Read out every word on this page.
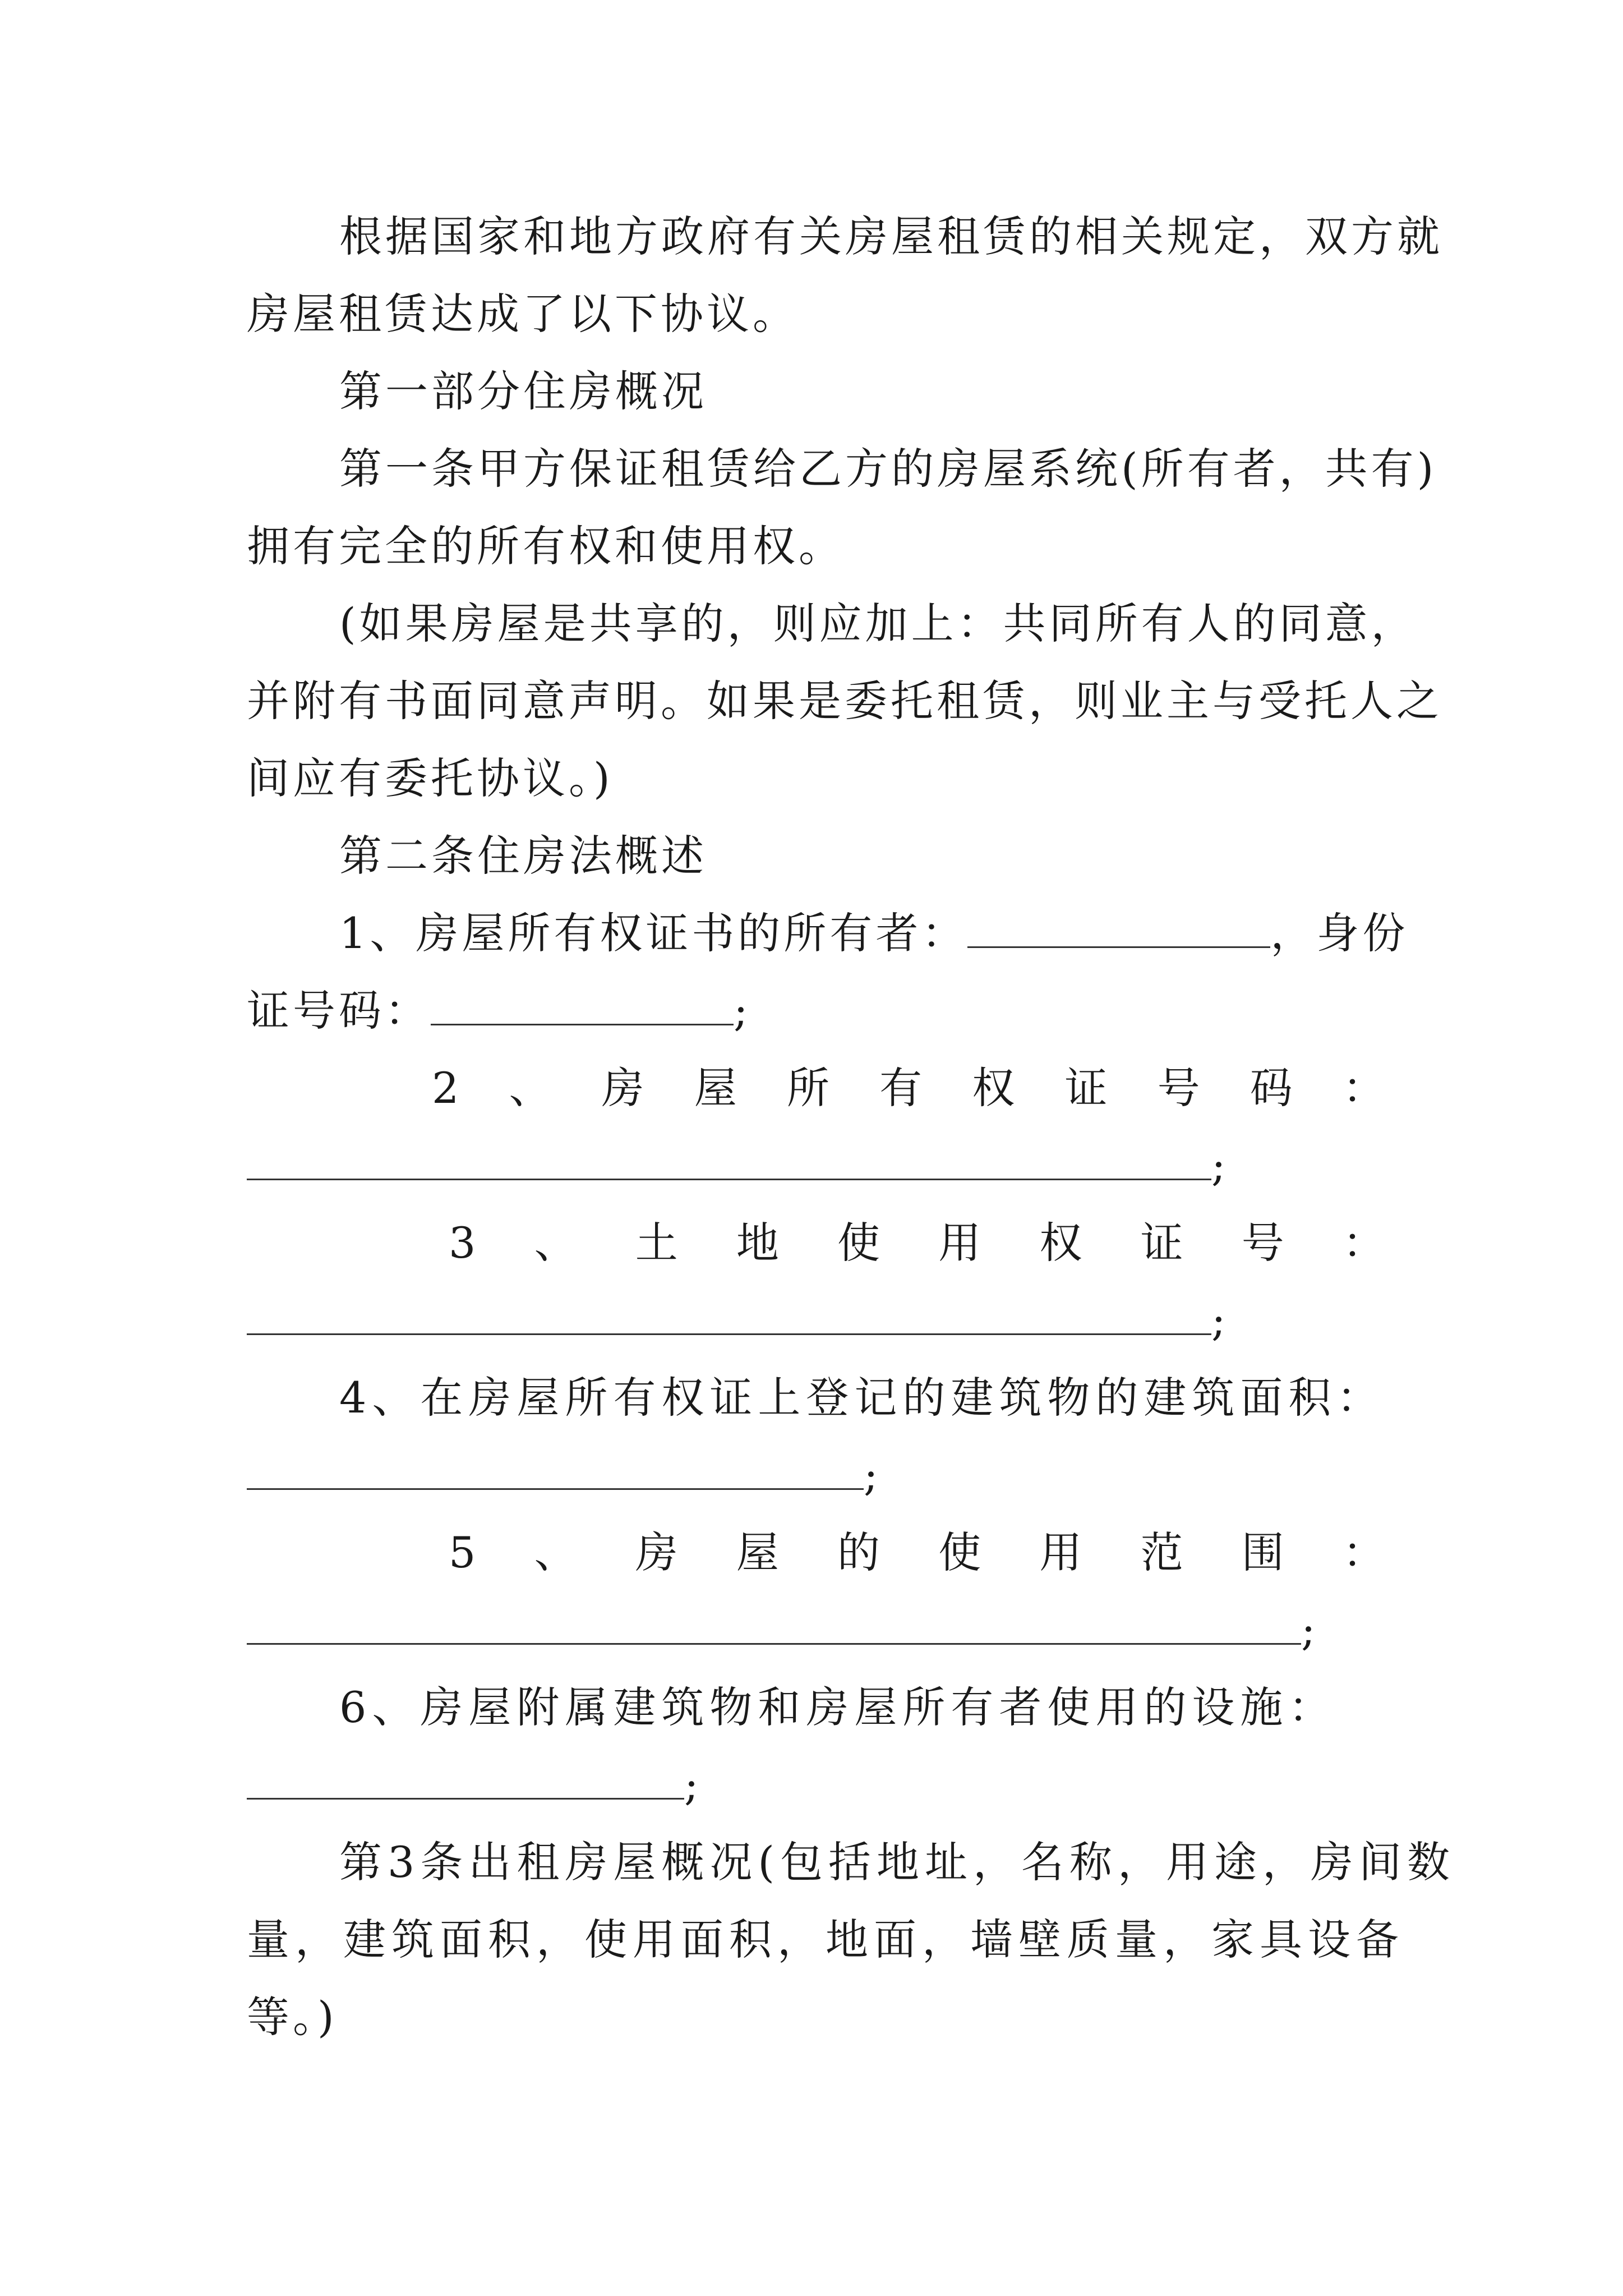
根据国家和地方政府有关房屋租赁的相关规定，双方就
房屋租赁达成了以下协议。
第一部分住房概况
第一条甲方保证租赁给乙方的房屋系统(所有者，共有)
拥有完全的所有权和使用权。
(如果房屋是共享的，则应加上：共同所有人的同意，
并附有书面同意声明。如果是委托租赁，则业主与受托人之
间应有委托协议。)
第二条住房法概述
1、房屋所有权证书的所有者：	，身份
证号码：	;
2 、 房 屋 所 有 权 证 号 码 ：
;
3 、 土 地 使 用 权 证 号 ：
;
4、在房屋所有权证上登记的建筑物的建筑面积：
;
5 、 房 屋 的 使 用 范 围 ：
;
6、房屋附属建筑物和房屋所有者使用的设施：
;
第3条出租房屋概况(包括地址，名称，用途，房间数
量，建筑面积，使用面积，地面，墙壁质量，家具设备
等。)
